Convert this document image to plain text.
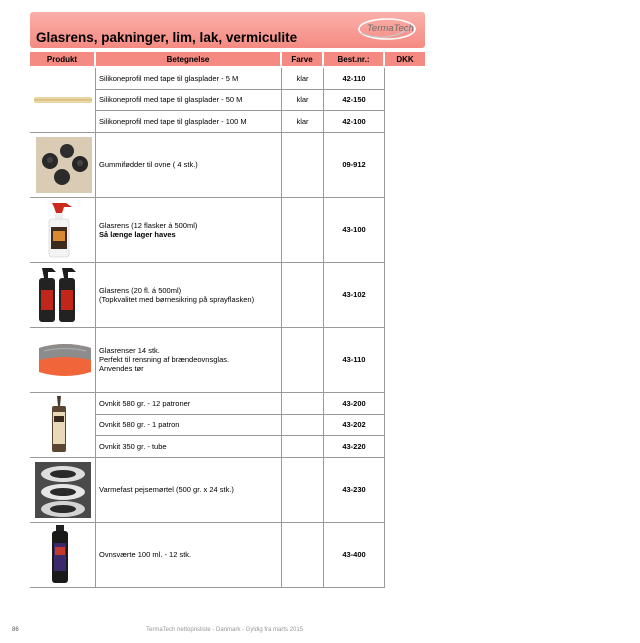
Glasrens, pakninger, lim, lak, vermiculite
TermaTech
Produkt	Betegnelse	Farve	Best.nr.:	DKK
Silikoneprofil med tape til glasplader - 5 M	klar	42-110
Silikoneprofil med tape til glasplader - 50 M	klar	42-150
Silikoneprofil med tape til glasplader - 100 M	klar	42-100
Gummifødder til ovne ( 4 stk.)	09-912
Glasrens (12 flasker á 500ml)
Så længe lager haves	43-100
Glasrens (20 fl. á 500ml)
(Topkvalitet med børnesikring på sprayflasken)	43-102
Glasrenser 14 stk.
Perfekt til rensning af brændeovnsglas.
Anvendes tør
43-110
Ovnkit 580 gr. - 12 patroner	43-200
Ovnkit 580 gr. - 1 patron	43-202
Ovnkit 350 gr. - tube	43-220
Varmefast pejsemørtel (500 gr. x 24 stk.)	43-230
Ovnsværte 100 ml. - 12 stk.	43-400
86	TermaTech nettoprisliste - Danmark - Gyldig fra marts 2015
